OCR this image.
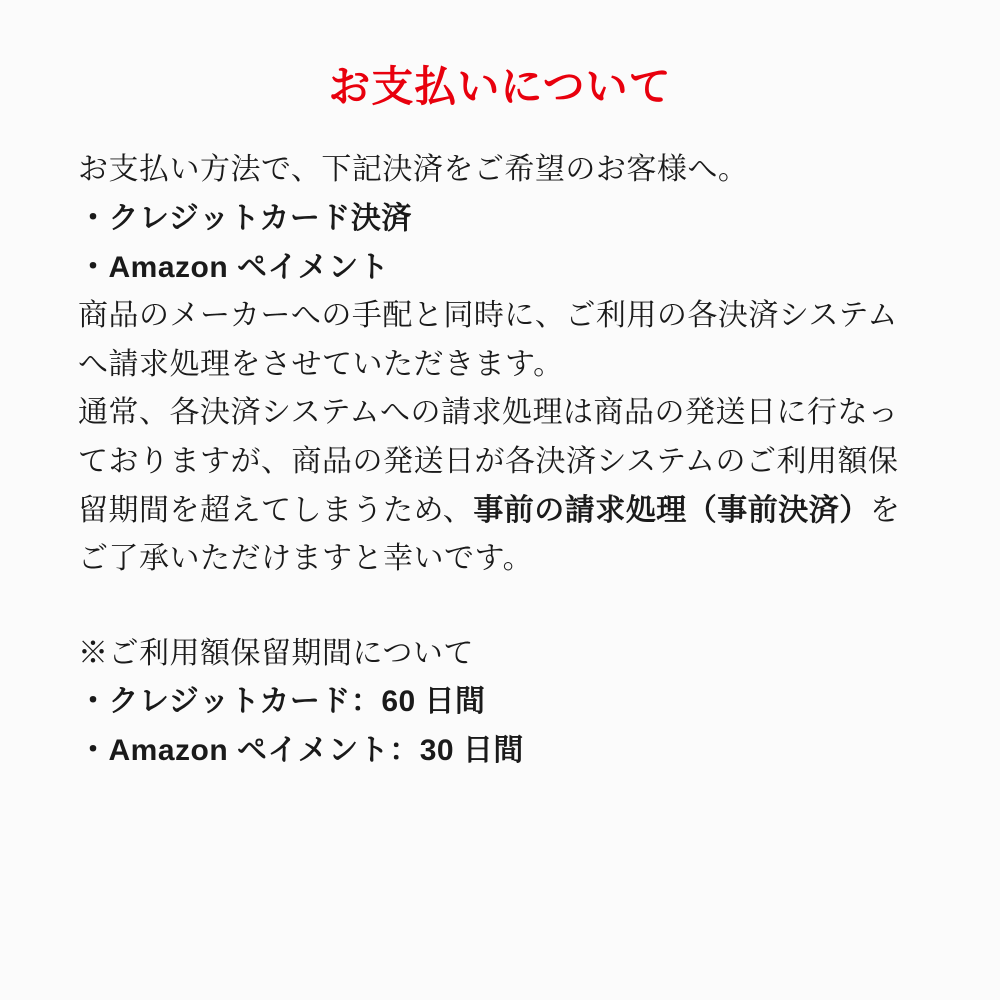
お支払いについて
お支払い方法で、下記決済をご希望のお客様へ。
・クレジットカード決済
・Amazon ペイメント
商品のメーカーへの手配と同時に、ご利用の各決済システムへ請求処理をさせていただきます。
通常、各決済システムへの請求処理は商品の発送日に行なっておりますが、商品の発送日が各決済システムのご利用額保留期間を超えてしまうため、事前の請求処理（事前決済）をご了承いただけますと幸いです。
※ご利用額保留期間について
・クレジットカード：60 日間
・Amazon ペイメント：30 日間
